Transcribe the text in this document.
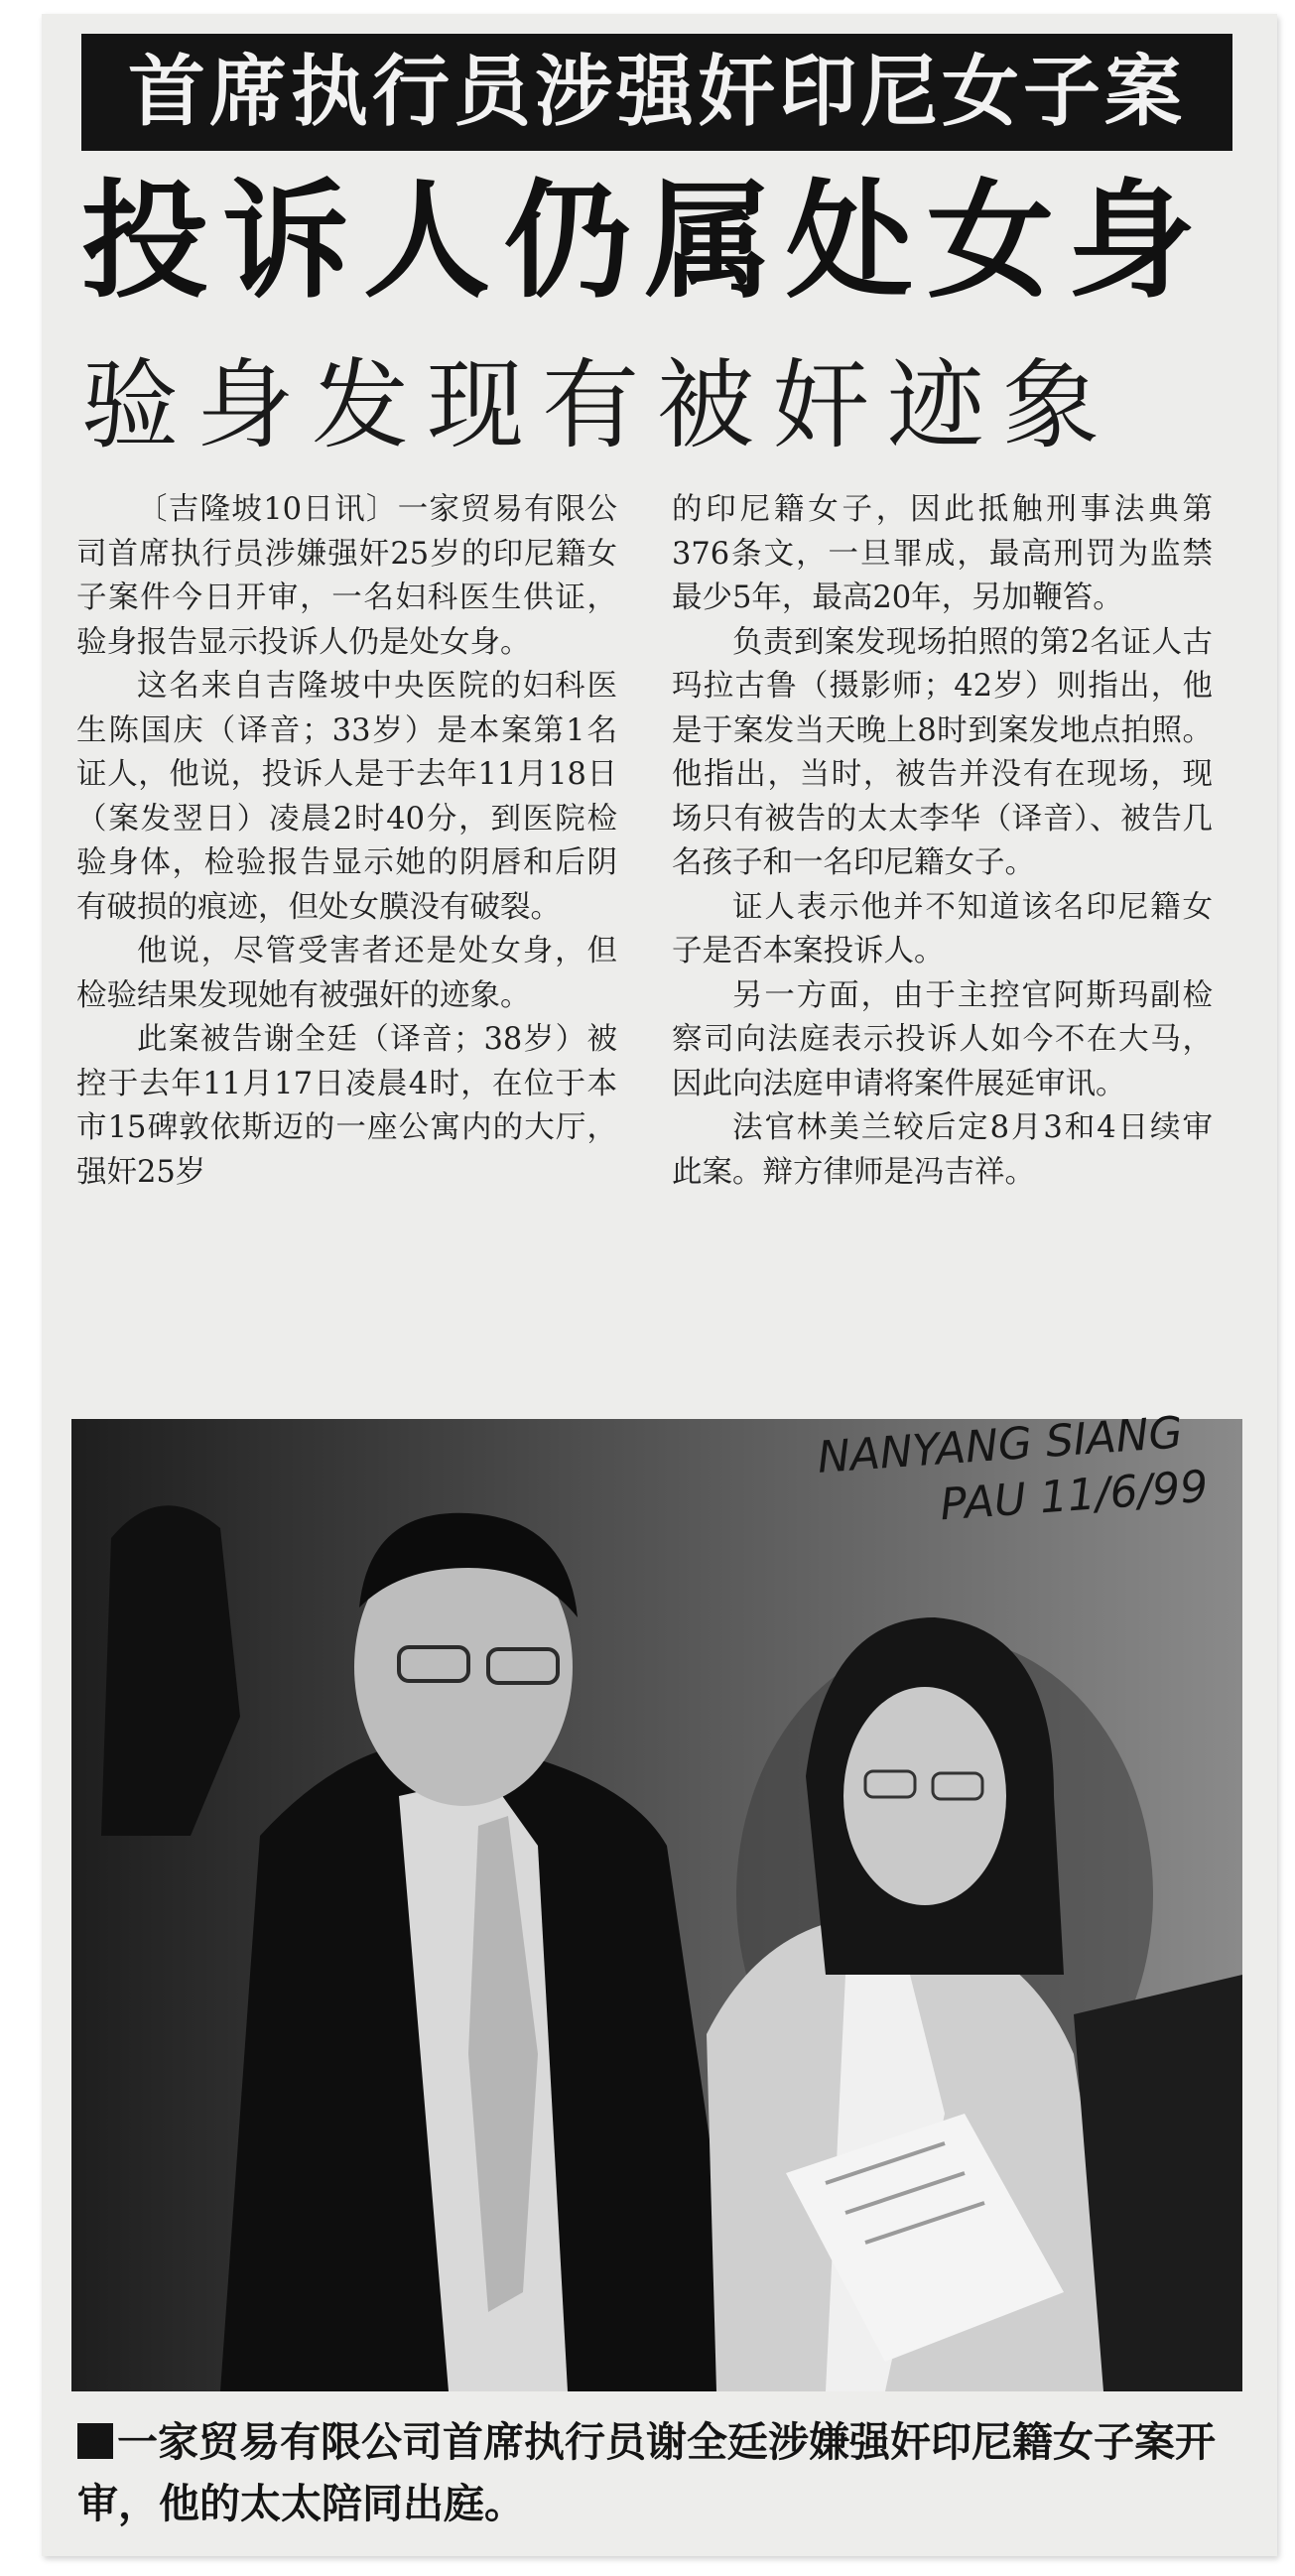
首席执行员涉强奸印尼女子案
投诉人仍属处女身
验身发现有被奸迹象

〔吉隆坡10日讯〕一家贸易有限公司首席执行员涉嫌强奸25岁的印尼籍女子案件今日开审，一名妇科医生供证，验身报告显示投诉人仍是处女身。

这名来自吉隆坡中央医院的妇科医生陈国庆（译音；33岁）是本案第1名证人，他说，投诉人是于去年11月18日（案发翌日）凌晨2时40分，到医院检验身体，检验报告显示她的阴唇和后阴有破损的痕迹，但处女膜没有破裂。

他说，尽管受害者还是处女身，但检验结果发现她有被强奸的迹象。

此案被告谢全廷（译音；38岁）被控于去年11月17日凌晨4时，在位于本市15碑敦依斯迈的一座公寓内的大厅，强奸25岁

的印尼籍女子，因此抵触刑事法典第376条文，一旦罪成，最高刑罚为监禁最少5年，最高20年，另加鞭笞。

负责到案发现场拍照的第2名证人古玛拉古鲁（摄影师；42岁）则指出，他是于案发当天晚上8时到案发地点拍照。他指出，当时，被告并没有在现场，现场只有被告的太太李华（译音）、被告几名孩子和一名印尼籍女子。

证人表示他并不知道该名印尼籍女子是否本案投诉人。

另一方面，由于主控官阿斯玛副检察司向法庭表示投诉人如今不在大马，因此向法庭申请将案件展延审讯。

法官林美兰较后定8月3和4日续审此案。辩方律师是冯吉祥。

NANYANG SIANG
PAU 11/6/99
一家贸易有限公司首席执行员谢全廷涉嫌强奸印尼籍女子案开审，他的太太陪同出庭。
